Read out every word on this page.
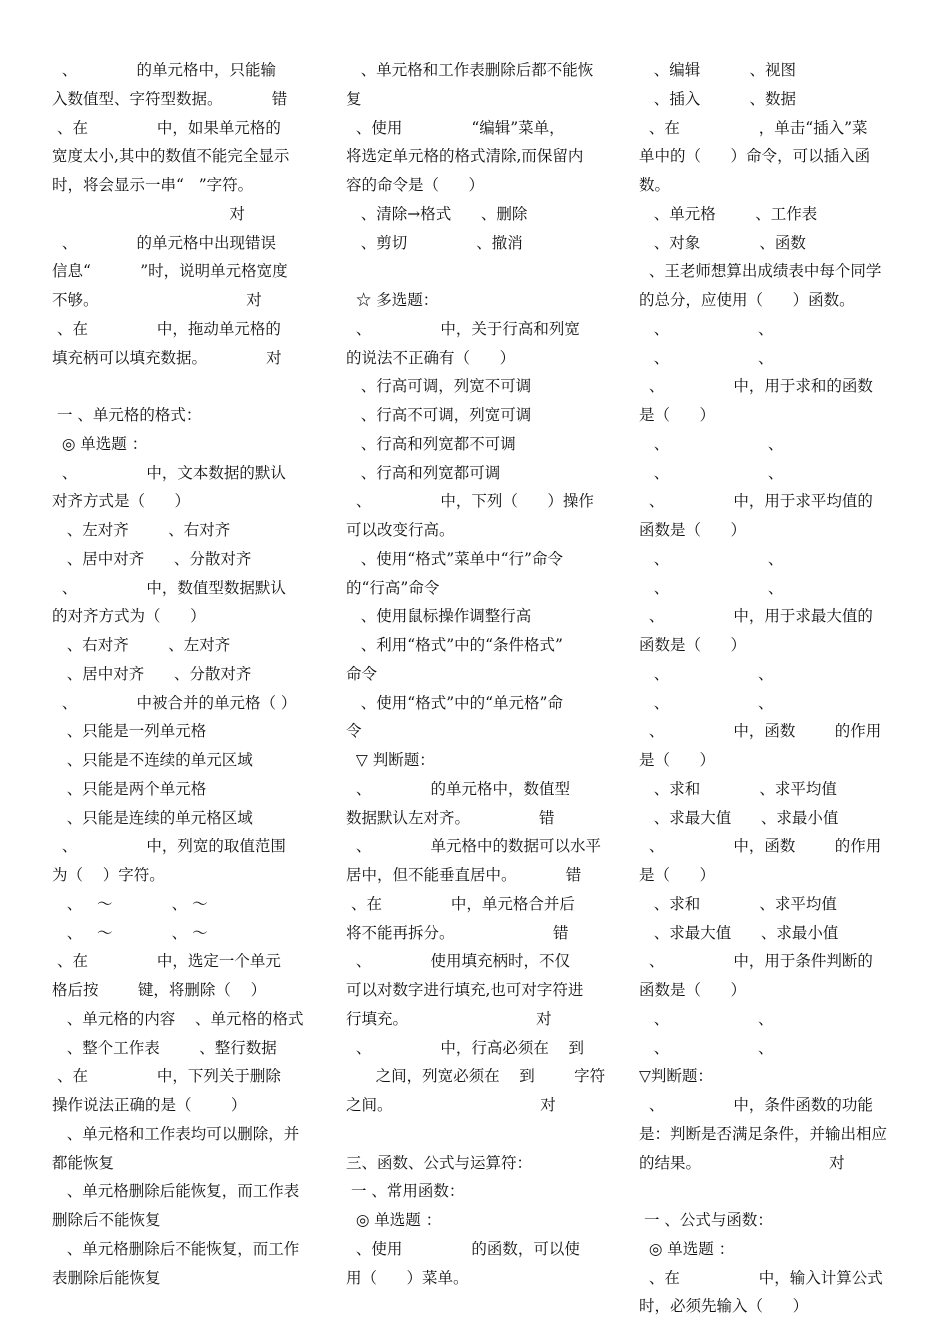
、            的单元格中，只能输
入数值型、字符型数据。          错
、在              中，如果单元格的
宽度太小,其中的数值不能完全显示
时，将会显示一串“   ”字符。
对
、            的单元格中出现错误
信息“          ”时，说明单元格宽度
不够。                              对
、在              中，拖动单元格的
填充柄可以填充数据。            对
一 、单元格的格式：
◎ 单选题 ：
、              中，文本数据的默认
对齐方式是（      ）
、左对齐        、右对齐
、居中对齐      、分散对齐
、              中，数值型数据默认
的对齐方式为（      ）
、右对齐        、左对齐
、居中对齐      、分散对齐
、            中被合并的单元格（ ）
、只能是一列单元格
、只能是不连续的单元区域
、只能是两个单元格
、只能是连续的单元格区域
、              中，列宽的取值范围
为（    ）字符。
、   ～            、 ～
、   ～            、 ～
、在              中，选定一个单元
格后按        键，将删除（    ）
、单元格的内容    、单元格的格式
、整个工作表        、整行数据
、在              中，下列关于删除
操作说法正确的是（        ）
、单元格和工作表均可以删除，并
都能恢复
、单元格删除后能恢复，而工作表
删除后不能恢复
、单元格删除后不能恢复，而工作
表删除后能恢复
、单元格和工作表删除后都不能恢
复
、使用              “编辑”菜单，
将选定单元格的格式清除,而保留内
容的命令是（      ）
、清除→格式      、删除
、剪切              、撤消
☆ 多选题：
、              中，关于行高和列宽
的说法不正确有（      ）
、行高可调，列宽不可调
、行高不可调，列宽可调
、行高和列宽都不可调
、行高和列宽都可调
、              中，下列（      ）操作
可以改变行高。
、使用“格式”菜单中“行”命令
的“行高”命令
、使用鼠标操作调整行高
、利用“格式”中的“条件格式”
命令
、使用“格式”中的“单元格”命
令
▽ 判断题：
、            的单元格中，数值型
数据默认左对齐。              错
、            单元格中的数据可以水平
居中，但不能垂直居中。          错
、在              中，单元格合并后
将不能再拆分。                    错
、            使用填充柄时，不仅
可以对数字进行填充,也可对字符进
行填充。                          对
、              中，行高必须在    到
之间，列宽必须在    到        字符
之间。                              对
三、函数、公式与运算符：
一 、常用函数：
◎ 单选题 ：
、使用              的函数，可以使
用（      ）菜单。
、编辑          、视图
、插入          、数据
、在                ，单击“插入”菜
单中的（      ）命令，可以插入函数。
、单元格        、工作表
、对象            、函数
、王老师想算出成绩表中每个同学
的总分，应使用（      ）函数。
、                  、
、                  、
、              中，用于求和的函数
是（      ）
、                    、
、                    、
、              中，用于求平均值的
函数是（      ）
、                    、
、                    、
、              中，用于求最大值的
函数是（      ）
、                  、
、                  、
、              中，函数        的作用
是（      ）
、求和            、求平均值
、求最大值      、求最小值
、              中，函数        的作用
是（      ）
、求和            、求平均值
、求最大值      、求最小值
、              中，用于条件判断的
函数是（      ）
、                  、
、                  、
▽判断题：
、              中，条件函数的功能
是：判断是否满足条件，并输出相应
的结果。                          对
一 、公式与函数：
◎ 单选题 ：
、在                中，输入计算公式
时，必须先输入（      ）
